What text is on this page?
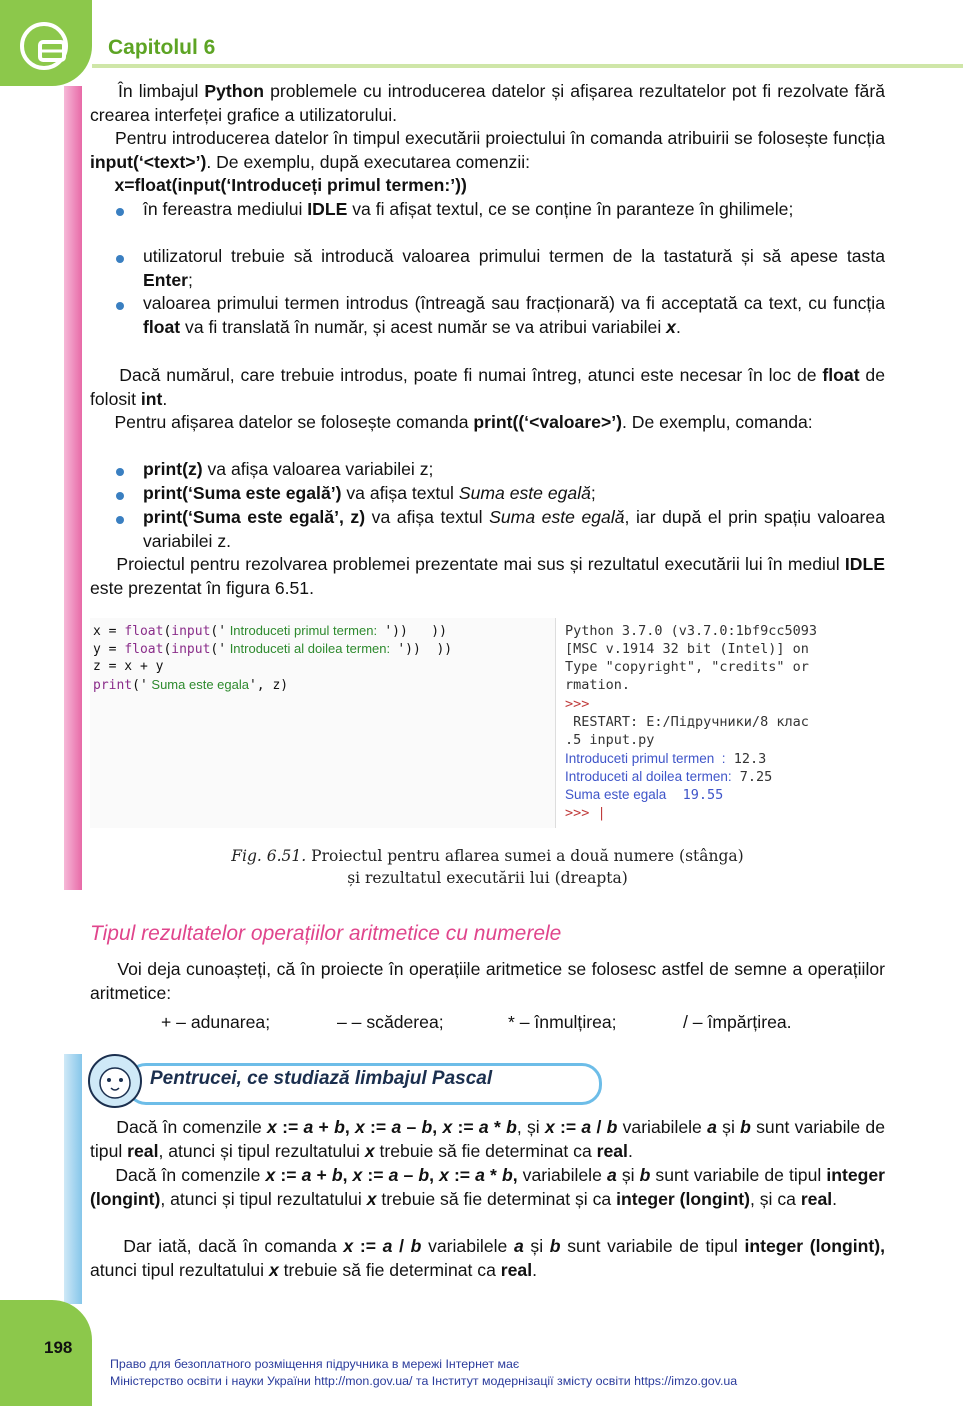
Capitolul 6
198

În limbajul Python problemele cu introducerea datelor și afișarea rezultatelor pot fi rezolvate fără crearea interfeței grafice a utilizatorului.

Pentru introducerea datelor în timpul executării proiectului în comanda atribuirii se folosește funcția input(‘<text>’). De exemplu, după executarea comenzii:

x=float(input(‘Introduceți primul termen:’))

în fereastra mediului IDLE va fi afișat textul, ce se conține în paranteze în ghilimele;

utilizatorul trebuie să introducă valoarea primului termen de la tastatură și să apese tasta Enter;

valoarea primului termen introdus (întreagă sau fracționară) va fi acceptată ca text, cu funcția float va fi translată în număr, și acest număr se va atribui variabilei x.

Dacă numărul, care trebuie introdus, poate fi numai întreg, atunci este necesar în loc de float de folosit int.

Pentru afișarea datelor se folosește comanda print((‘<valoare>’). De exemplu, comanda:

print(z) va afișa valoarea variabilei z;

print(‘Suma este egală’) va afișa textul Suma este egală;

print(‘Suma este egală’, z) va afișa textul Suma este egală, iar după el prin spațiu valoarea variabilei z.

Proiectul pentru rezolvarea problemei prezentate mai sus și rezultatul executării lui în mediul IDLE este prezentat în figura 6.51.

x = float(input(' Introduceti primul termen:  '))   ))
y = float(input(' Introduceti al doilea termen:  '))  ))
z = x + y
print(' Suma este egala', z)
Python 3.7.0 (v3.7.0:1bf9cc5093
[MSC v.1914 32 bit (Intel)] on
Type "copyright", "credits" or
rmation.
>>>
RESTART: E:/Підручники/8 клас
.5 input.py
Introduceti primul termen  : 12.3
Introduceti al doilea termen: 7.25
Suma este egala  19.55
>>> |
Fig. 6.51. Proiectul pentru aflarea sumei a două numere (stânga)
și rezultatul executării lui (dreapta)
Tipul rezultatelor operațiilor aritmetice cu numerele

Voi deja cunoașteți, că în proiecte în operațiile aritmetice se folosesc astfel de semne a operațiilor aritmetice:

+ – adunarea;	– – scăderea;	* – înmulțirea;	/ – împărțirea.
Pentrucei, ce studiază limbajul Pascal

Dacă în comenzile x := a + b, x := a – b, x := a * b, și x := a / b variabilele a și b sunt variabile de tipul real, atunci și tipul rezultatului x trebuie să fie determinat ca real.

Dacă în comenzile x := a + b, x := a – b, x := a * b, variabilele a și b sunt variabile de tipul integer (longint), atunci și tipul rezultatului x trebuie să fie determinat și ca integer (longint), și ca real.

Dar iată, dacă în comanda x := a / b variabilele a și b sunt variabile de tipul integer (longint), atunci tipul rezultatului x trebuie să fie determinat ca real.

Право для безоплатного розміщення підручника в мережі Інтернет має
Міністерство освіти і науки України http://mon.gov.ua/ та Інститут модернізації змісту освіти https://imzo.gov.ua
